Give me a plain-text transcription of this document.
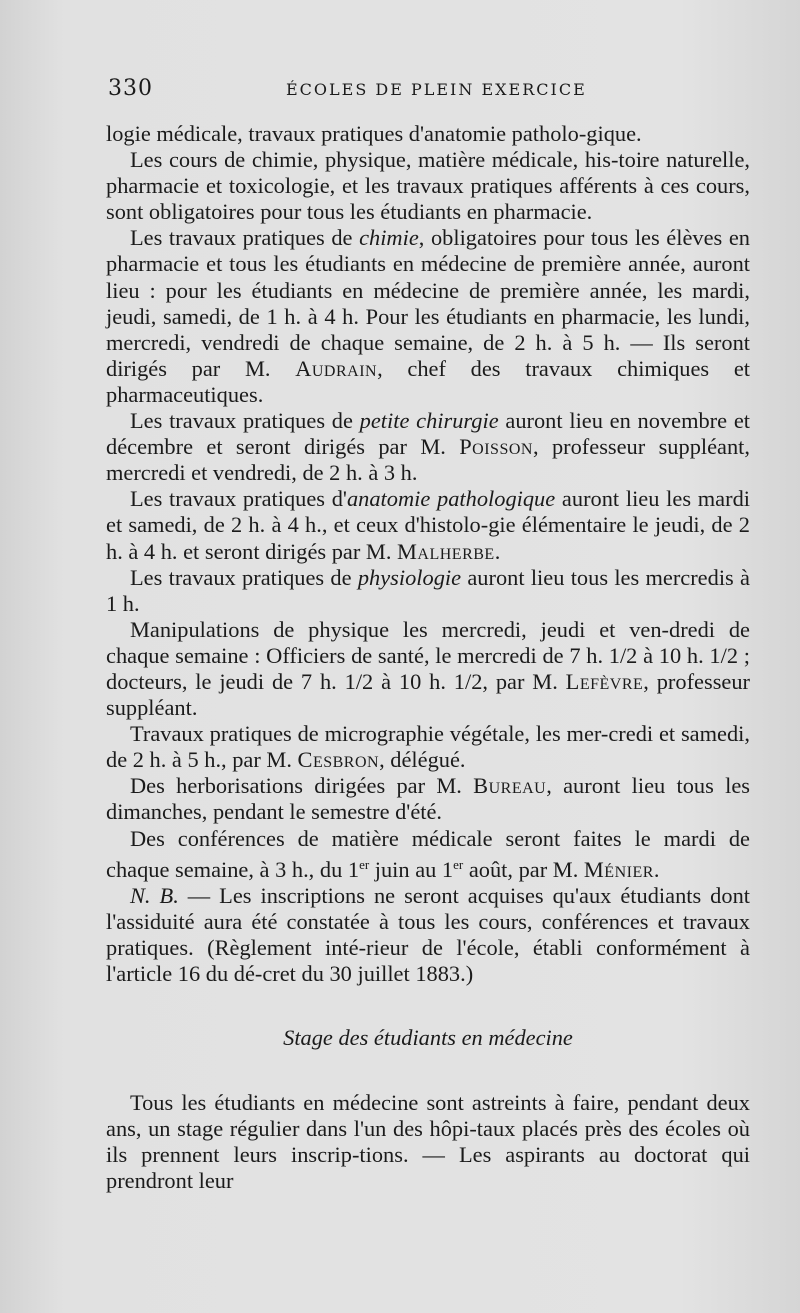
330	ÉCOLES DE PLEIN EXERCICE

logie médicale, travaux pratiques d'anatomie patholo-gique.

Les cours de chimie, physique, matière médicale, his-toire naturelle, pharmacie et toxicologie, et les travaux pratiques afférents à ces cours, sont obligatoires pour tous les étudiants en pharmacie.

Les travaux pratiques de chimie, obligatoires pour tous les élèves en pharmacie et tous les étudiants en médecine de première année, auront lieu : pour les étudiants en médecine de première année, les mardi, jeudi, samedi, de 1 h. à 4 h. Pour les étudiants en pharmacie, les lundi, mercredi, vendredi de chaque semaine, de 2 h. à 5 h. — Ils seront dirigés par M. Audrain, chef des travaux chimiques et pharmaceutiques.

Les travaux pratiques de petite chirurgie auront lieu en novembre et décembre et seront dirigés par M. Poisson, professeur suppléant, mercredi et vendredi, de 2 h. à 3 h.

Les travaux pratiques d'anatomie pathologique auront lieu les mardi et samedi, de 2 h. à 4 h., et ceux d'histolo-gie élémentaire le jeudi, de 2 h. à 4 h. et seront dirigés par M. Malherbe.

Les travaux pratiques de physiologie auront lieu tous les mercredis à 1 h.

Manipulations de physique les mercredi, jeudi et ven-dredi de chaque semaine : Officiers de santé, le mercredi de 7 h. 1/2 à 10 h. 1/2 ; docteurs, le jeudi de 7 h. 1/2 à 10 h. 1/2, par M. Lefèvre, professeur suppléant.

Travaux pratiques de micrographie végétale, les mer-credi et samedi, de 2 h. à 5 h., par M. Cesbron, délégué.

Des herborisations dirigées par M. Bureau, auront lieu tous les dimanches, pendant le semestre d'été.

Des conférences de matière médicale seront faites le mardi de chaque semaine, à 3 h., du 1er juin au 1er août, par M. Ménier.

N. B. — Les inscriptions ne seront acquises qu'aux étudiants dont l'assiduité aura été constatée à tous les cours, conférences et travaux pratiques. (Règlement inté-rieur de l'école, établi conformément à l'article 16 du dé-cret du 30 juillet 1883.)

Stage des étudiants en médecine

Tous les étudiants en médecine sont astreints à faire, pendant deux ans, un stage régulier dans l'un des hôpi-taux placés près des écoles où ils prennent leurs inscrip-tions. — Les aspirants au doctorat qui prendront leur
